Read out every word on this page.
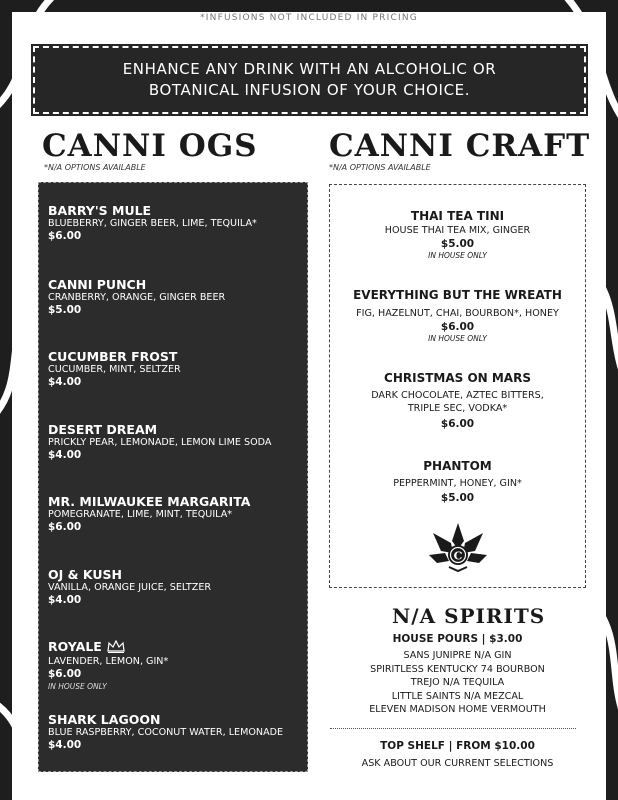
*INFUSIONS NOT INCLUDED IN PRICING
ENHANCE ANY DRINK WITH AN ALCOHOLIC OR
BOTANICAL INFUSION OF YOUR CHOICE.
CANNI OGS
*N/A OPTIONS AVAILABLE
CANNI CRAFT
*N/A OPTIONS AVAILABLE
BARRY'S MULE
BLUEBERRY, GINGER BEER, LIME, TEQUILA*
$6.00
CANNI PUNCH
CRANBERRY, ORANGE, GINGER BEER
$5.00
CUCUMBER FROST
CUCUMBER, MINT, SELTZER
$4.00
DESERT DREAM
PRICKLY PEAR, LEMONADE, LEMON LIME SODA
$4.00
MR. MILWAUKEE MARGARITA
POMEGRANATE, LIME, MINT, TEQUILA*
$6.00
OJ & KUSH
VANILLA, ORANGE JUICE, SELTZER
$4.00
ROYALE
LAVENDER, LEMON, GIN*
$6.00
IN HOUSE ONLY
SHARK LAGOON
BLUE RASPBERRY, COCONUT WATER, LEMONADE
$4.00
THAI TEA TINI
HOUSE THAI TEA MIX, GINGER
$5.00
IN HOUSE ONLY
EVERYTHING BUT THE WREATH
FIG, HAZELNUT, CHAI, BOURBON*, HONEY
$6.00
IN HOUSE ONLY
CHRISTMAS ON MARS
DARK CHOCOLATE, AZTEC BITTERS,
TRIPLE SEC, VODKA*
$6.00
PHANTOM
PEPPERMINT, HONEY, GIN*
$5.00
C
N/A SPIRITS
HOUSE POURS | $3.00
SANS JUNIPRE N/A GIN
SPIRITLESS KENTUCKY 74 BOURBON
TREJO N/A TEQUILA
LITTLE SAINTS N/A MEZCAL
ELEVEN MADISON HOME VERMOUTH
TOP SHELF | FROM $10.00
ASK ABOUT OUR CURRENT SELECTIONS
